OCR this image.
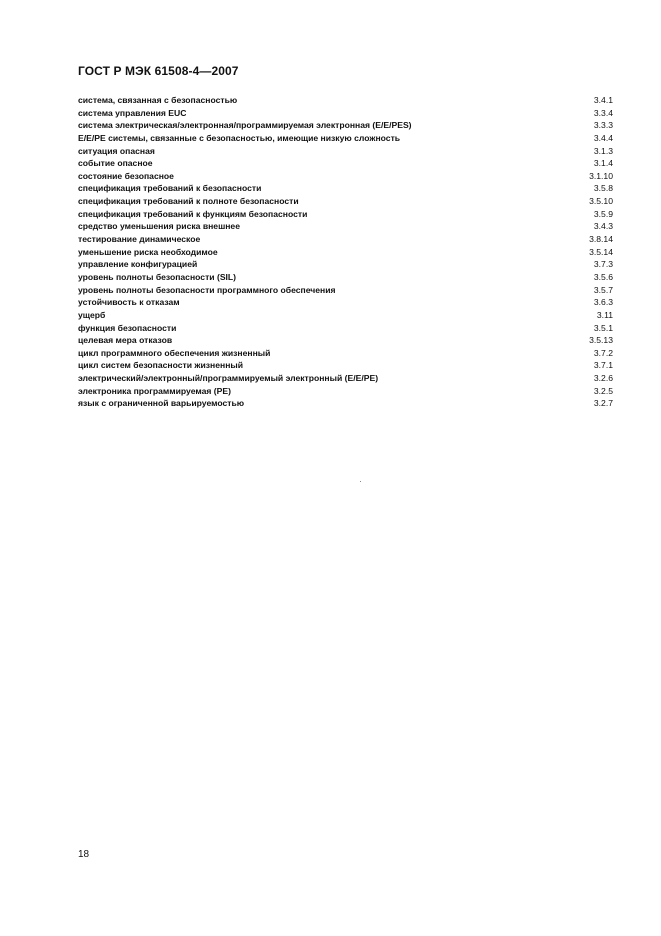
ГОСТ Р МЭК 61508-4—2007
система, связанная с безопасностью	3.4.1
система управления EUC	3.3.4
система электрическая/электронная/программируемая электронная (E/E/PES)	3.3.3
E/E/PE системы, связанные с безопасностью, имеющие низкую сложность	3.4.4
ситуация опасная	3.1.3
событие опасное	3.1.4
состояние безопасное	3.1.10
спецификация требований к безопасности	3.5.8
спецификация требований к полноте безопасности	3.5.10
спецификация требований к функциям безопасности	3.5.9
средство уменьшения риска внешнее	3.4.3
тестирование динамическое	3.8.14
уменьшение риска необходимое	3.5.14
управление конфигурацией	3.7.3
уровень полноты безопасности (SIL)	3.5.6
уровень полноты безопасности программного обеспечения	3.5.7
устойчивость к отказам	3.6.3
ущерб	3.11
функция безопасности	3.5.1
целевая мера отказов	3.5.13
цикл программного обеспечения жизненный	3.7.2
цикл систем безопасности жизненный	3.7.1
электрический/электронный/программируемый электронный (E/E/PE)	3.2.6
электроника программируемая (PE)	3.2.5
язык с ограниченной варьируемостью	3.2.7
18
